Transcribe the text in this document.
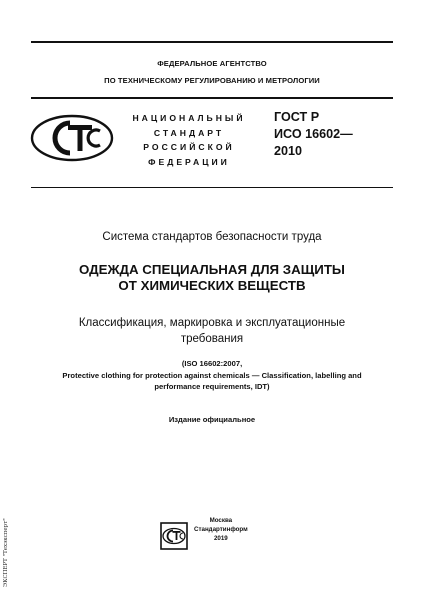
ФЕДЕРАЛЬНОЕ АГЕНТСТВО
ПО ТЕХНИЧЕСКОМУ РЕГУЛИРОВАНИЮ И МЕТРОЛОГИИ
НАЦИОНАЛЬНЫЙ
СТАНДАРТ
РОССИЙСКОЙ
ФЕДЕРАЦИИ
ГОСТ Р
ИСО 16602—
2010
Система стандартов безопасности труда
ОДЕЖДА СПЕЦИАЛЬНАЯ ДЛЯ ЗАЩИТЫ
ОТ ХИМИЧЕСКИХ ВЕЩЕСТВ
Классификация, маркировка и эксплуатационные
требования
(ISO 16602:2007,
Protective clothing for protection against chemicals — Classification, labelling and
performance requirements, IDT)
Издание официальное
ЭКСПЕРТ "Техэксперт"	Москва
Стандартинформ
2019
